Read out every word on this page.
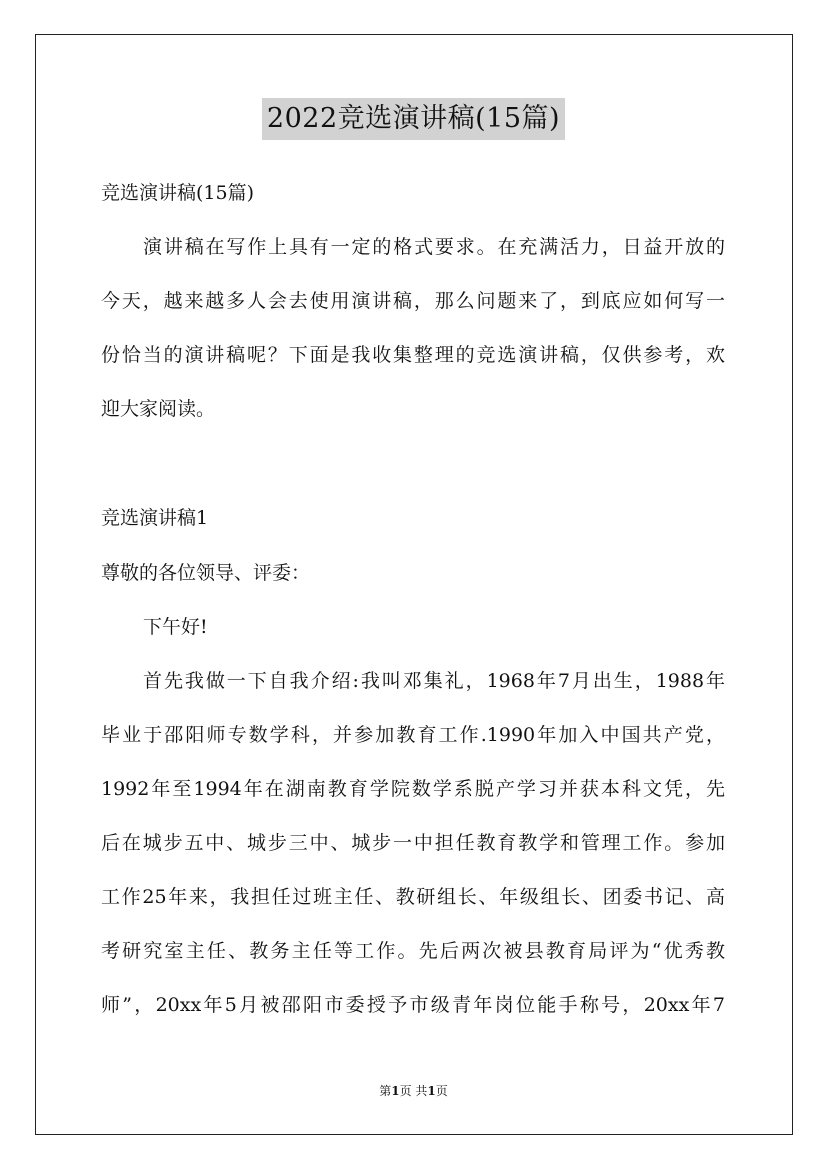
2022竞选演讲稿(15篇)
竞选演讲稿(15篇)
演讲稿在写作上具有一定的格式要求。在充满活力，日益开放的
今天，越来越多人会去使用演讲稿，那么问题来了，到底应如何写一
份恰当的演讲稿呢？下面是我收集整理的竞选演讲稿，仅供参考，欢
迎大家阅读。
竞选演讲稿1
尊敬的各位领导、评委：
下午好!
首先我做一下自我介绍:我叫邓集礼，1968年7月出生，1988年
毕业于邵阳师专数学科，并参加教育工作.1990年加入中国共产党，
1992年至1994年在湖南教育学院数学系脱产学习并获本科文凭，先
后在城步五中、城步三中、城步一中担任教育教学和管理工作。参加
工作25年来，我担任过班主任、教研组长、年级组长、团委书记、高
考研究室主任、教务主任等工作。先后两次被县教育局评为“优秀教
师”，20xx年5月被邵阳市委授予市级青年岗位能手称号，20xx年7
第1页 共1页
